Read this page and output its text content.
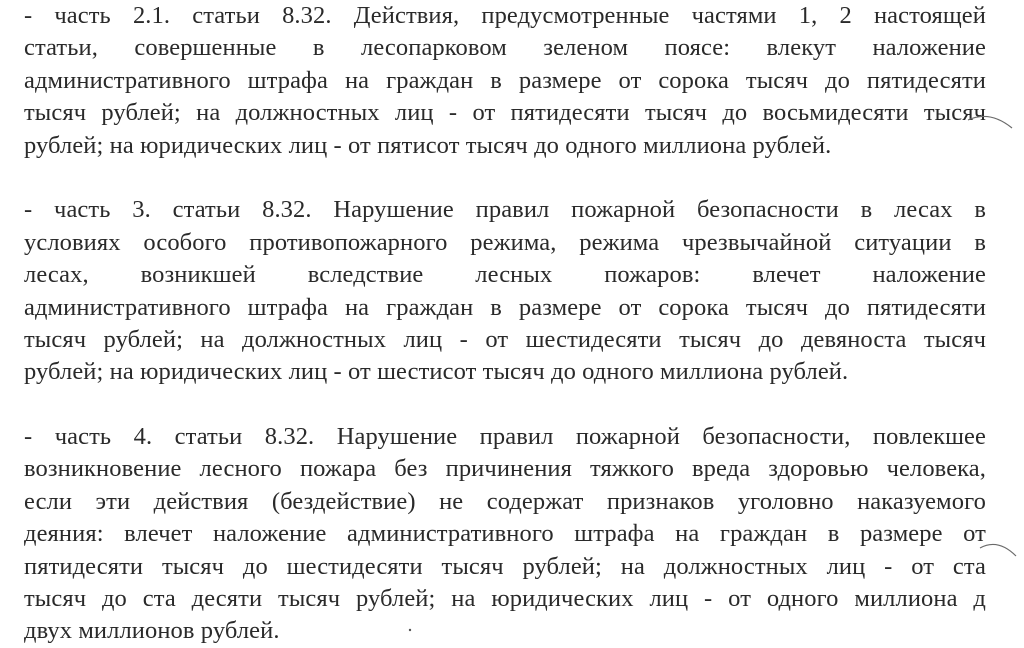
- часть 2.1. статьи 8.32. Действия, предусмотренные частями 1, 2 настоящей
статьи, совершенные в лесопарковом зеленом поясе: влекут наложение
административного штрафа на граждан в размере от сорока тысяч до пятидесяти
тысяч рублей; на должностных лиц - от пятидесяти тысяч до восьмидесяти тысяч
рублей; на юридических лиц - от пятисот тысяч до одного миллиона рублей.
- часть 3. статьи 8.32. Нарушение правил пожарной безопасности в лесах в
условиях особого противопожарного режима, режима чрезвычайной ситуации в
лесах, возникшей вследствие лесных пожаров: влечет наложение
административного штрафа на граждан в размере от сорока тысяч до пятидесяти
тысяч рублей; на должностных лиц - от шестидесяти тысяч до девяноста тысяч
рублей; на юридических лиц - от шестисот тысяч до одного миллиона рублей.
- часть 4. статьи 8.32. Нарушение правил пожарной безопасности, повлекшее
возникновение лесного пожара без причинения тяжкого вреда здоровью человека,
если эти действия (бездействие) не содержат признаков уголовно наказуемого
деяния: влечет наложение административного штрафа на граждан в размере от
пятидесяти тысяч до шестидесяти тысяч рублей; на должностных лиц - от ста
тысяч до ста десяти тысяч рублей; на юридических лиц - от одного миллиона д
двух миллионов рублей.
